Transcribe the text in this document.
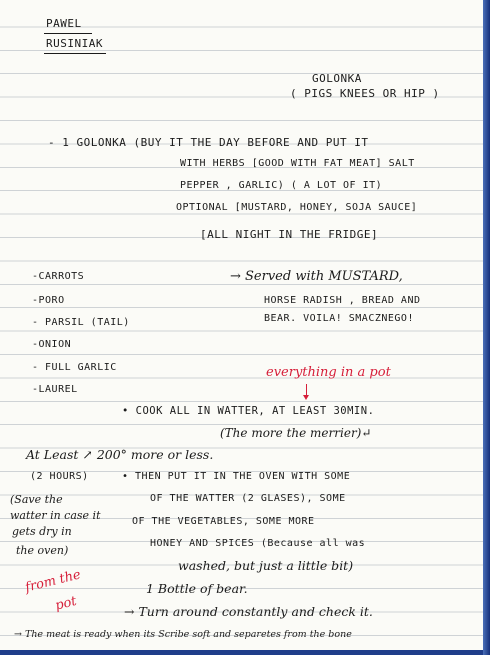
PAWEL

RUSINIAK

GOLONKA

( PIGS KNEES OR HIP )

- 1 GOLONKA (BUY IT THE DAY BEFORE AND PUT IT

WITH HERBS [GOOD WITH FAT MEAT] SALT

PEPPER , GARLIC) ( A LOT OF IT)

OPTIONAL [MUSTARD, HONEY, SOJA SAUCE]

[ALL NIGHT IN THE FRIDGE]

-CARROTS

-PORO

- PARSIL (TAIL)

-ONION

- FULL GARLIC

-LAUREL

→ Served with MUSTARD,

HORSE RADISH , BREAD AND

BEAR. VOILA! SMACZNEGO!

everything in a pot

• COOK ALL IN WATTER, AT LEAST 30MIN.

(The more the merrier)↵

At Least ↗ 200° more or less.

(2 HOURS)	• THEN PUT IT IN THE OVEN WITH SOME

OF THE WATTER (2 GLASES), SOME

OF THE VEGETABLES, SOME MORE

HONEY AND SPICES (Because all was

washed, but just a little bit)

1 Bottle of bear.

→ Turn around constantly and check it.

(Save the

watter in case it

gets dry in

the oven)

from the

pot

→ The meat is ready when its Scribe soft and separetes from the bone
